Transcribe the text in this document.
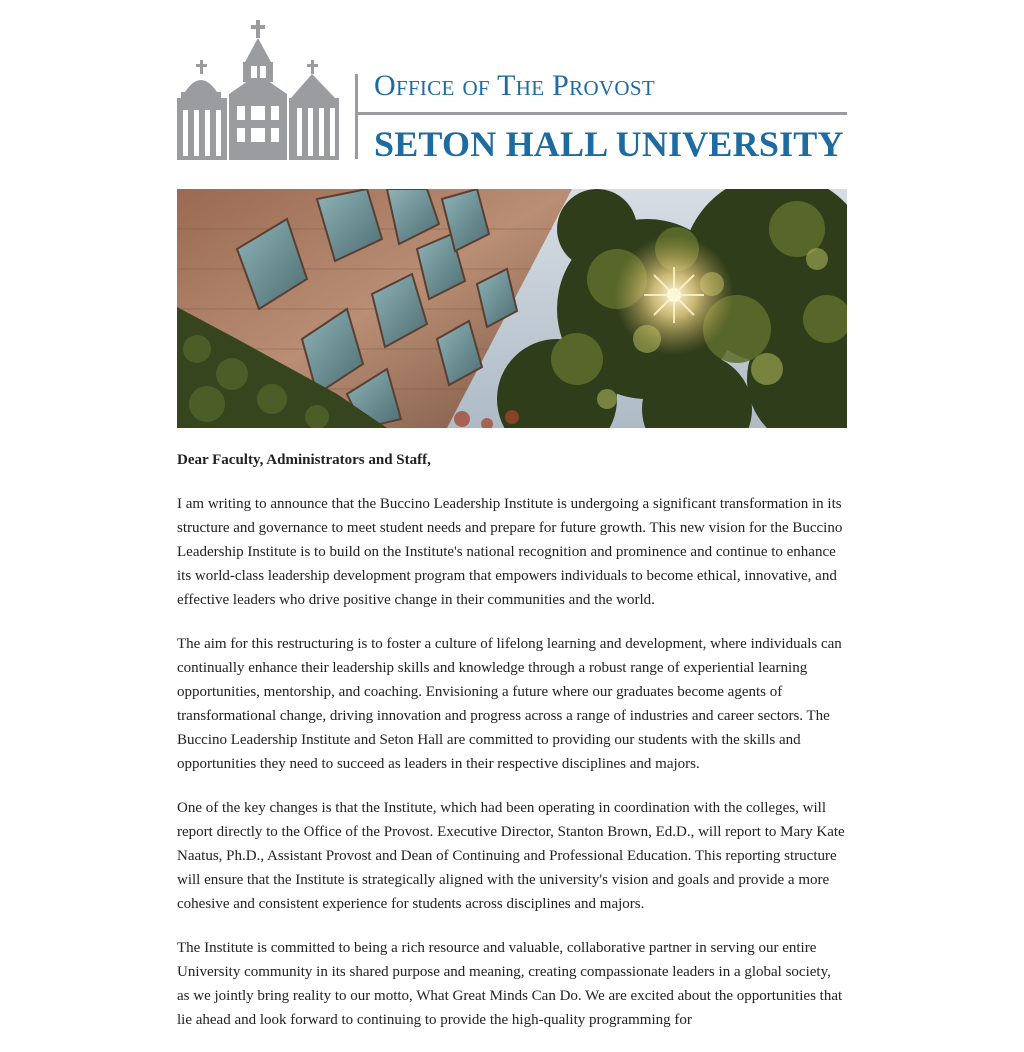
Office of The Provost
SETON HALL UNIVERSITY

Dear Faculty, Administrators and Staff,

I am writing to announce that the Buccino Leadership Institute is undergoing a significant transformation in its structure and governance to meet student needs and prepare for future growth. This new vision for the Buccino Leadership Institute is to build on the Institute's national recognition and prominence and continue to enhance its world-class leadership development program that empowers individuals to become ethical, innovative, and effective leaders who drive positive change in their communities and the world.

The aim for this restructuring is to foster a culture of lifelong learning and development, where individuals can continually enhance their leadership skills and knowledge through a robust range of experiential learning opportunities, mentorship, and coaching. Envisioning a future where our graduates become agents of transformational change, driving innovation and progress across a range of industries and career sectors. The Buccino Leadership Institute and Seton Hall are committed to providing our students with the skills and opportunities they need to succeed as leaders in their respective disciplines and majors.

One of the key changes is that the Institute, which had been operating in coordination with the colleges, will report directly to the Office of the Provost. Executive Director, Stanton Brown, Ed.D., will report to Mary Kate Naatus, Ph.D., Assistant Provost and Dean of Continuing and Professional Education. This reporting structure will ensure that the Institute is strategically aligned with the university's vision and goals and provide a more cohesive and consistent experience for students across disciplines and majors.

The Institute is committed to being a rich resource and valuable, collaborative partner in serving our entire University community in its shared purpose and meaning, creating compassionate leaders in a global society, as we jointly bring reality to our motto, What Great Minds Can Do. We are excited about the opportunities that lie ahead and look forward to continuing to provide the high-quality programming for
